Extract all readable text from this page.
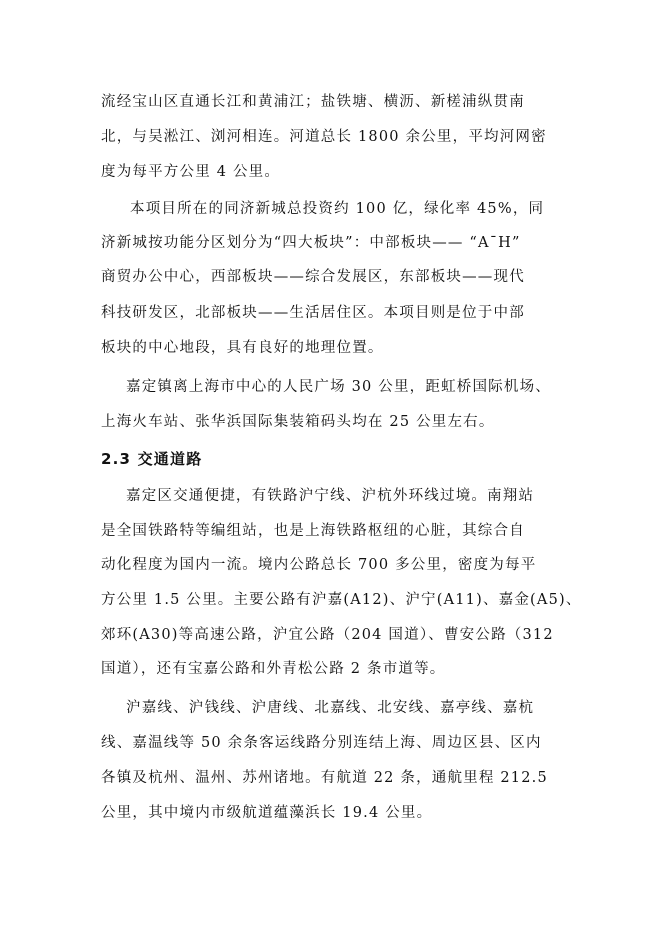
流经宝山区直通长江和黄浦江；盐铁塘、横沥、新槎浦纵贯南
北，与吴淞江、浏河相连。河道总长 1800 余公里，平均河网密
度为每平方公里 4 公里。
本项目所在的同济新城总投资约 100 亿，绿化率 45%，同
济新城按功能分区划分为“四大板块”：中部板块—— “A¯H”
商贸办公中心，西部板块——综合发展区，东部板块——现代
科技研发区，北部板块——生活居住区。本项目则是位于中部
板块的中心地段，具有良好的地理位置。
嘉定镇离上海市中心的人民广场 30 公里，距虹桥国际机场、
上海火车站、张华浜国际集装箱码头均在 25 公里左右。
2.3 交通道路
嘉定区交通便捷，有铁路沪宁线、沪杭外环线过境。南翔站
是全国铁路特等编组站，也是上海铁路枢纽的心脏，其综合自
动化程度为国内一流。境内公路总长 700 多公里，密度为每平
方公里 1.5 公里。主要公路有沪嘉(A12)、沪宁(A11)、嘉金(A5)、
郊环(A30)等高速公路，沪宜公路（204 国道）、曹安公路（312
国道），还有宝嘉公路和外青松公路 2 条市道等。
沪嘉线、沪钱线、沪唐线、北嘉线、北安线、嘉亭线、嘉杭
线、嘉温线等 50 余条客运线路分别连结上海、周边区县、区内
各镇及杭州、温州、苏州诸地。有航道 22 条，通航里程 212.5
公里，其中境内市级航道蕴藻浜长 19.4 公里。
